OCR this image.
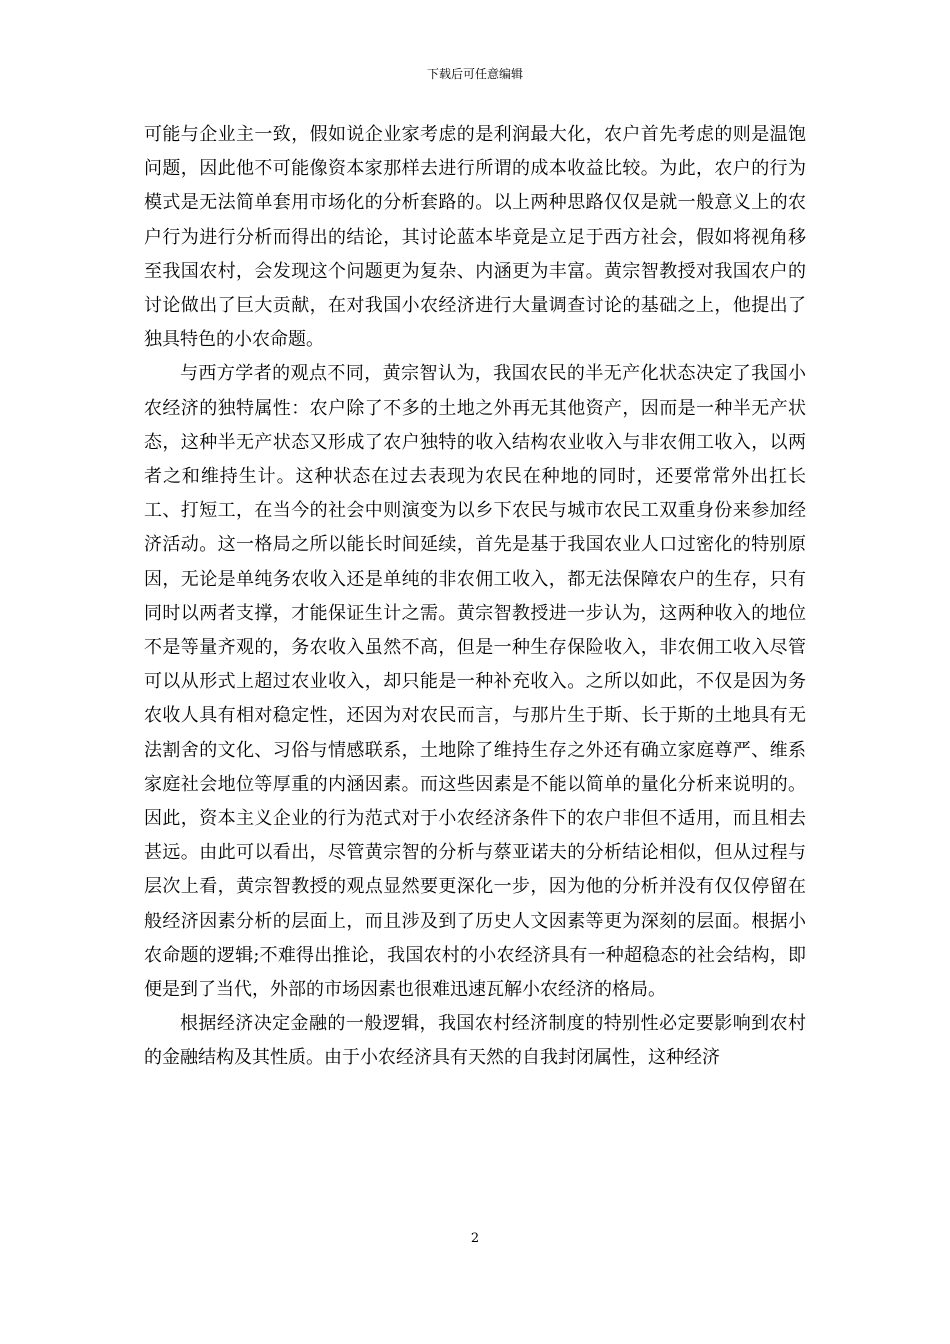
下载后可任意编辑

可能与企业主一致，假如说企业家考虑的是利润最大化，农户首先考虑的则是温饱问题，因此他不可能像资本家那样去进行所谓的成本收益比较。为此，农户的行为模式是无法简单套用市场化的分析套路的。以上两种思路仅仅是就一般意义上的农户行为进行分析而得出的结论，其讨论蓝本毕竟是立足于西方社会，假如将视角移至我国农村，会发现这个问题更为复杂、内涵更为丰富。黄宗智教授对我国农户的讨论做出了巨大贡献，在对我国小农经济进行大量调查讨论的基础之上，他提出了独具特色的小农命题。

与西方学者的观点不同，黄宗智认为，我国农民的半无产化状态决定了我国小农经济的独特属性：农户除了不多的土地之外再无其他资产，因而是一种半无产状态，这种半无产状态又形成了农户独特的收入结构农业收入与非农佣工收入，以两者之和维持生计。这种状态在过去表现为农民在种地的同时，还要常常外出扛长工、打短工，在当今的社会中则演变为以乡下农民与城市农民工双重身份来参加经济活动。这一格局之所以能长时间延续，首先是基于我国农业人口过密化的特别原因，无论是单纯务农收入还是单纯的非农佣工收入，都无法保障农户的生存，只有同时以两者支撑，才能保证生计之需。黄宗智教授进一步认为，这两种收入的地位不是等量齐观的，务农收入虽然不高，但是一种生存保险收入，非农佣工收入尽管可以从形式上超过农业收入，却只能是一种补充收入。之所以如此，不仅是因为务农收人具有相对稳定性，还因为对农民而言，与那片生于斯、长于斯的土地具有无法割舍的文化、习俗与情感联系，土地除了维持生存之外还有确立家庭尊严、维系家庭社会地位等厚重的内涵因素。而这些因素是不能以简单的量化分析来说明的。因此，资本主义企业的行为范式对于小农经济条件下的农户非但不适用，而且相去甚远。由此可以看出，尽管黄宗智的分析与蔡亚诺夫的分析结论相似，但从过程与层次上看，黄宗智教授的观点显然要更深化一步，因为他的分析并没有仅仅停留在般经济因素分析的层面上，而且涉及到了历史人文因素等更为深刻的层面。根据小农命题的逻辑;不难得出推论，我国农村的小农经济具有一种超稳态的社会结构，即便是到了当代，外部的市场因素也很难迅速瓦解小农经济的格局。

根据经济决定金融的一般逻辑，我国农村经济制度的特别性必定要影响到农村的金融结构及其性质。由于小农经济具有天然的自我封闭属性，这种经济

2
